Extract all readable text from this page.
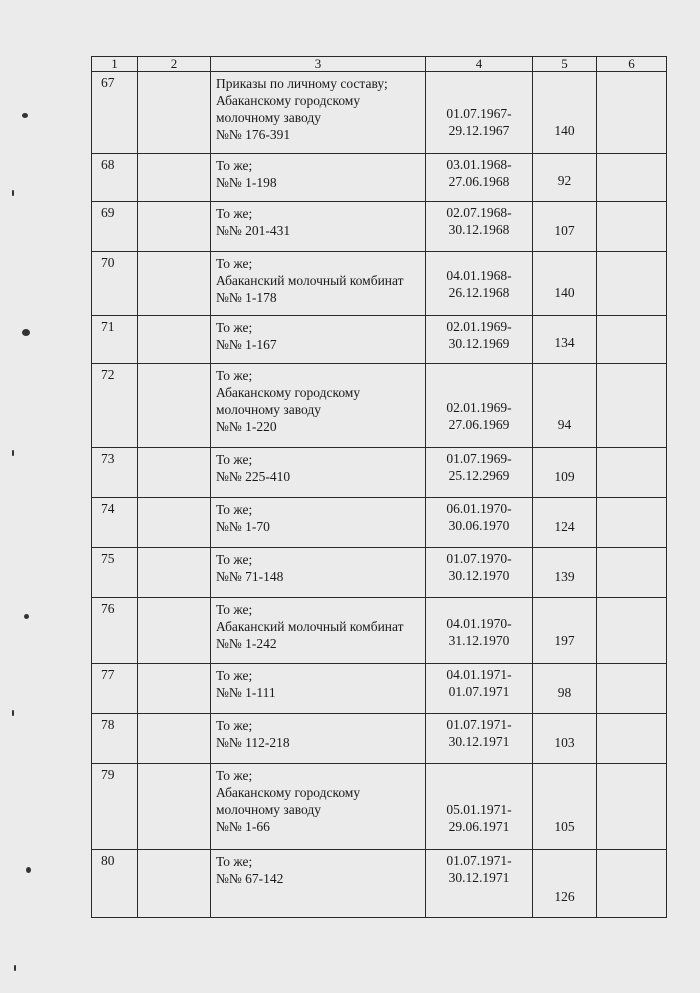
1	2	3	4	5	6
67		Приказы по личному составу;
Абаканскому городскому
молочному заводу
№№ 176-391	01.07.1967-
29.12.1967	140	
68		То же;
№№ 1-198	03.01.1968-
27.06.1968	92	
69		То же;
№№ 201-431	02.07.1968-
30.12.1968	107	
70		То же;
Абаканский молочный комбинат
№№ 1-178	04.01.1968-
26.12.1968	140	
71		То же;
№№ 1-167	02.01.1969-
30.12.1969	134	
72		То же;
Абаканскому городскому
молочному заводу
№№ 1-220	02.01.1969-
27.06.1969	94	
73		То же;
№№ 225-410	01.07.1969-
25.12.2969	109	
74		То же;
№№ 1-70	06.01.1970-
30.06.1970	124	
75		То же;
№№ 71-148	01.07.1970-
30.12.1970	139	
76		То же;
Абаканский молочный комбинат
№№ 1-242	04.01.1970-
31.12.1970	197	
77		То же;
№№ 1-111	04.01.1971-
01.07.1971	98	
78		То же;
№№ 112-218	01.07.1971-
30.12.1971	103	
79		То же;
Абаканскому городскому
молочному заводу
№№ 1-66	05.01.1971-
29.06.1971	105	
80		То же;
№№ 67-142	01.07.1971-
30.12.1971	126	
